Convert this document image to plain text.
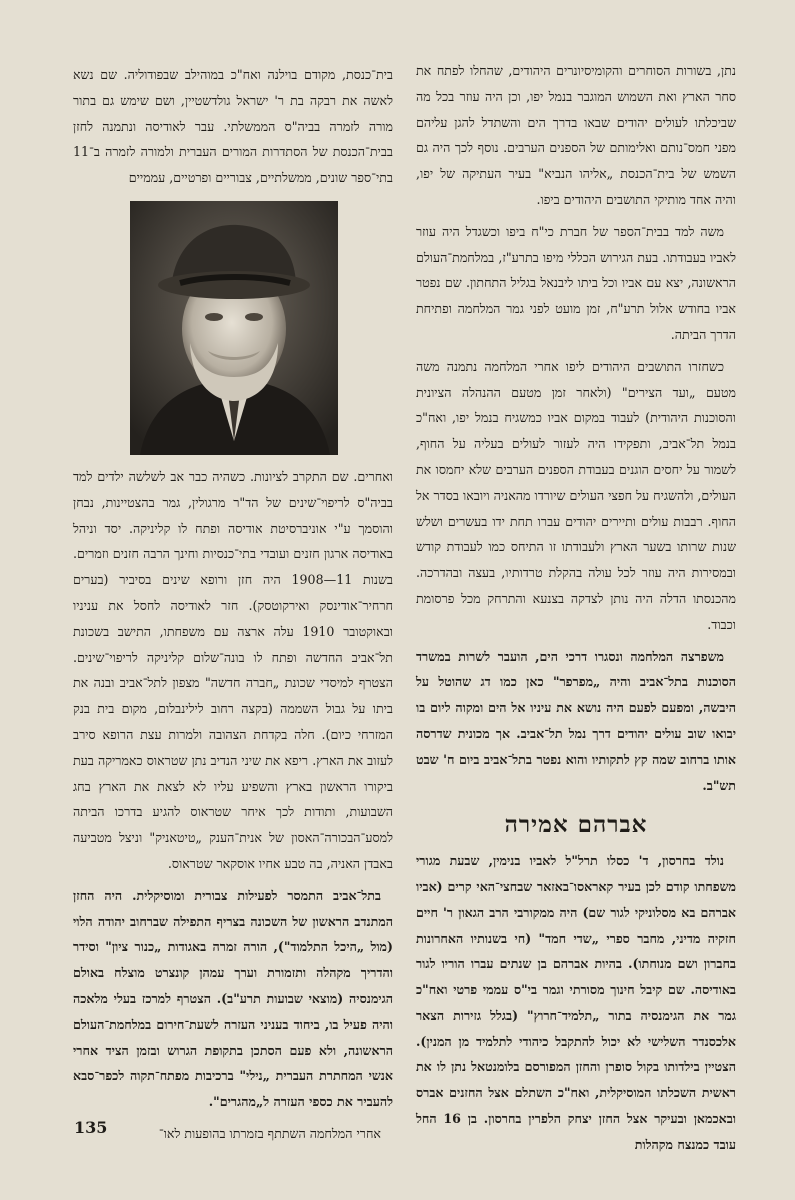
נתן, בשורות הסוחרים והקומיסיונרים היהודים, שהחלו לפתח את סחר הארץ ואת השמוש המוגבר בנמל יפו, וכן היה עוזר בכל מה שביכלתו לעולים יהודים שבאו בדרך הים והשתדל להגן עליהם מפני חמס־נותם ואלימותם של הספנים הערבים. נוסף לכך היה גם השמש של בית־הכנסת „אליהו הנביא" בעיר העתיקה של יפו, והיה אחד מותיקי התושבים היהודים ביפו.

משה למד בבית־הספר של חברת כי"ח ביפו וכשגדל היה עוזר לאביו בעבודתו. בעת הגירוש הכללי מיפו בתרע"ז, במלחמת־העולם הראשונה, יצא עם אביו וכל ביתו ליבנאל בגליל התחתון. שם נפטר אביו בחודש אלול תרע"ח, זמן מועט לפני גמר המלחמה ופתיחת הדרך הביתה.

כשחזרו התושבים היהודים ליפו אחרי המלחמה נתמנה משה מטעם „ועד הצירים" (ולאחר זמן מטעם ההנהלה הציונית והסוכנות היהודית) לעבוד במקום אביו כמשגיח בנמל יפו, ואח"כ בנמל תל־אביב, ותפקידו היה לעזור לעולים בעליה על החוף, לשמור על יחסים הוגנים בעבודת הספנים הערבים שלא יחמסו את העולים, ולהשגיח על חפצי העולים שיורדו מהאניה ויובאו בסדר אל החוף. רבבות עולים ותיירים יהודים עברו תחת ידו בעשרים ושלש שנות שרותו בשער הארץ ולעבודתו זו התיחס כמו לעבודת קודש ובמסירות היה עוזר לכל עולה בהקלת טרדותיו, בעצה ובהדרכה. מהכנסתו הדלה היה נותן לצדקה בצנעא והתרחק מכל פרסומת וכבוד.

משפרצה המלחמה ונסגרו דרכי הים, הועבר לשרות במשרד הסוכנות בתל־אביב והיה „מפרפר" כאן כמו דג שהוטל על היבשה, ומפעם לפעם היה נושא את עיניו אל הים ומקוה ליום בו יבואו שוב עולים יהודים דרך נמל תל־אביב. אך מכונית שדרסה אותו ברחוב שמה קץ לתקותיו והוא נפטר בתל־אביב ביום ח' שבט תש"ב.

אברהם אמירה

נולד בחרסון, ד' כסלו תרל"ל לאביו בנימין, שבעת מגורי משפחתו קודם לכן בעיר קאראסו־באזאר שבחצי־האי קרים (אביו אברהם בא מסלוניקי לגור שם) היה ממקורבי הרב הגאון ר' חיים חזקיה מדיני, מחבר ספרי „שדי חמד" (חי בשנותיו האחרונות בחברון ושם מנוחתו). בהיות אברהם בן שנתים עברו הוריו לגור באודיסה. שם קיבל חינוך מסורתי וגמר בי"ס עממי פרטי ואח"כ גמר את הגימנסיה בתור „תלמיד־חרוץ" (בגלל גזירות הצאר אלכסנדר השלישי לא יכול להתקבל כיהודי לתלמיד מן המנין). הצטיין בילדותו בקול סופרן והחזן המפורסם בלומנטאל נתן לו את ראשית השכלתו המוסיקלית, ואח"כ השתלם אצל החזנים אברס ובאכמאן ובעיקר אצל החזן יצחק הלפרין בחרסון. בן 16 החל עובד כמנצח מקהלות

בית־כנסת, מקודם בוילנה ואח"כ במוהילב שבפודוליה. שם נשא לאשה את רבקה בת ר' ישראל גולדשטיין, ושם שימש גם בתור מורה לזמרה בביה"ס הממשלתי. עבר לאודיסה ונתמנה לחזן בבית־הכנסת של הסתדרות המורים העברית ולמורה לזמרה ב־11 בתי־ספר שונים, ממשלתיים, צבוריים ופרטיים, עממיים

ואחרים. שם התקרב לציונות. כשהיה כבר אב לשלשה ילדים למד בביה"ס לריפוי־שינים של הד"ר מרגולין, גמר בהצטיינות, נבחן והוסמך ע"י אוניברסיטת אודיסה ופתח לו קליניקה. יסד וניהל באודיסה ארגון חזנים ועובדי בתי־כנסיות וחינך הרבה חזנים וזמרים. בשנות 11—1908 היה חזן ורופא שינים בסיביר (בערים חרחיר־אודינסק ואירקוטסק). חזר לאודיסה לחסל את עניניו ובאוקטובר 1910 עלה ארצה עם משפחתו, התישב בשכונת תל־אביב החדשה ופתח לו בונה־שלום קליניקה לריפוי־שינים. הצטרף למיסדי שכונת „חברה חדשה" מצפון לתל־אביב ובנה את ביתו על גבול השממה (בקצה רחוב לילינבלום, מקום בית בנק המזרחי כיום). חלה בקדחת הצהובה ולמרות עצת הרופא סירב לעזוב את הארץ. ריפא את שיני הנדיב נתן שטראוס כאמריקה בעת ביקורו הראשון בארץ והשפיע עליו לא לצאת את הארץ בחג השבועות, ותודות לכך איחר שטראוס להגיע בדרכו הביתה למסע־הבכורה־האסון של אנית־הענק „טיטאניק" וניצל מטביעה באבדן האניה, בה טבע אחיו אוסקאר שטראוס.

בתל־אביב התמסר לפעילות צבורית ומוסיקלית. היה החזן המתנדב הראשון של השכונה בצריף התפילה שברחוב יהודה הלוי (מול „היכל התלמוד"), הורה זמרה באגודות „כנור ציון" וסידר והדריך מקהלה ותזמורת וערך עמהן קונצרט מוצלח באולם הגימנסיה (מוצאי שבועות תרע"ב). הצטרף למרכז בעלי מלאכה והיה פעיל בו, ביחוד בעניני העזרה לשעת־חירום במלחמת־העולם הראשונה, ולא פעם הסתכן בתקופת הגרוש ובזמן הציד אחרי אנשי המחתרת העברית „נילי" ברכיבות מפתח־תקוה לכפר־סבא להעביר את כספי העזרה ל„מהגרים".

אחרי המלחמה השתתף בזמרתו בהופעות לאו־

135
